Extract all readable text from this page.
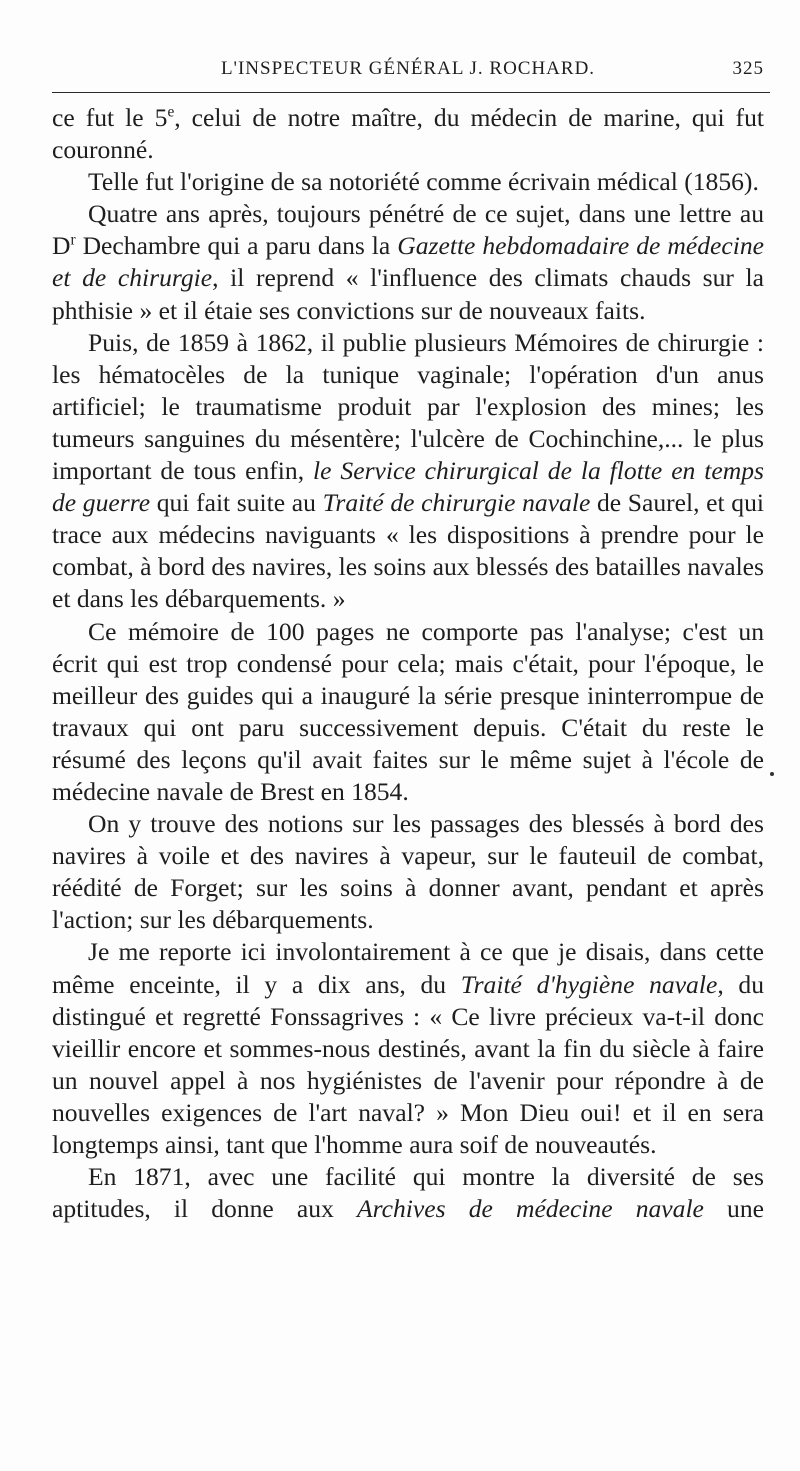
L'INSPECTEUR GÉNÉRAL J. ROCHARD.	325

ce fut le 5e, celui de notre maître, du médecin de marine, qui fut couronné.

Telle fut l'origine de sa notoriété comme écrivain médical (1856).

Quatre ans après, toujours pénétré de ce sujet, dans une lettre au $D^r$ Dechambre qui a paru dans la Gazette hebdomadaire de médecine et de chirurgie, il reprend « l'influence des climats chauds sur la phthisie » et il étaie ses convictions sur de nouveaux faits.

Puis, de 1859 à 1862, il publie plusieurs Mémoires de chirurgie : les hématocèles de la tunique vaginale; l'opération d'un anus artificiel; le traumatisme produit par l'explosion des mines; les tumeurs sanguines du mésentère; l'ulcère de Cochinchine,... le plus important de tous enfin, le Service chirurgical de la flotte en temps de guerre qui fait suite au Traité de chirurgie navale de Saurel, et qui trace aux médecins naviguants « les dispositions à prendre pour le combat, à bord des navires, les soins aux blessés des batailles navales et dans les débarquements. »

Ce mémoire de 100 pages ne comporte pas l'analyse; c'est un écrit qui est trop condensé pour cela; mais c'était, pour l'époque, le meilleur des guides qui a inauguré la série presque ininterrompue de travaux qui ont paru successivement depuis. C'était du reste le résumé des leçons qu'il avait faites sur le même sujet à l'école de médecine navale de Brest en 1854.

On y trouve des notions sur les passages des blessés à bord des navires à voile et des navires à vapeur, sur le fauteuil de combat, réédité de Forget; sur les soins à donner avant, pendant et après l'action; sur les débarquements.

Je me reporte ici involontairement à ce que je disais, dans cette même enceinte, il y a dix ans, du Traité d'hygiène navale, du distingué et regretté Fonssagrives : « Ce livre précieux va-t-il donc vieillir encore et sommes-nous destinés, avant la fin du siècle à faire un nouvel appel à nos hygiénistes de l'avenir pour répondre à de nouvelles exigences de l'art naval? » Mon Dieu oui! et il en sera longtemps ainsi, tant que l'homme aura soif de nouveautés.

En 1871, avec une facilité qui montre la diversité de ses aptitudes, il donne aux Archives de médecine navale une
